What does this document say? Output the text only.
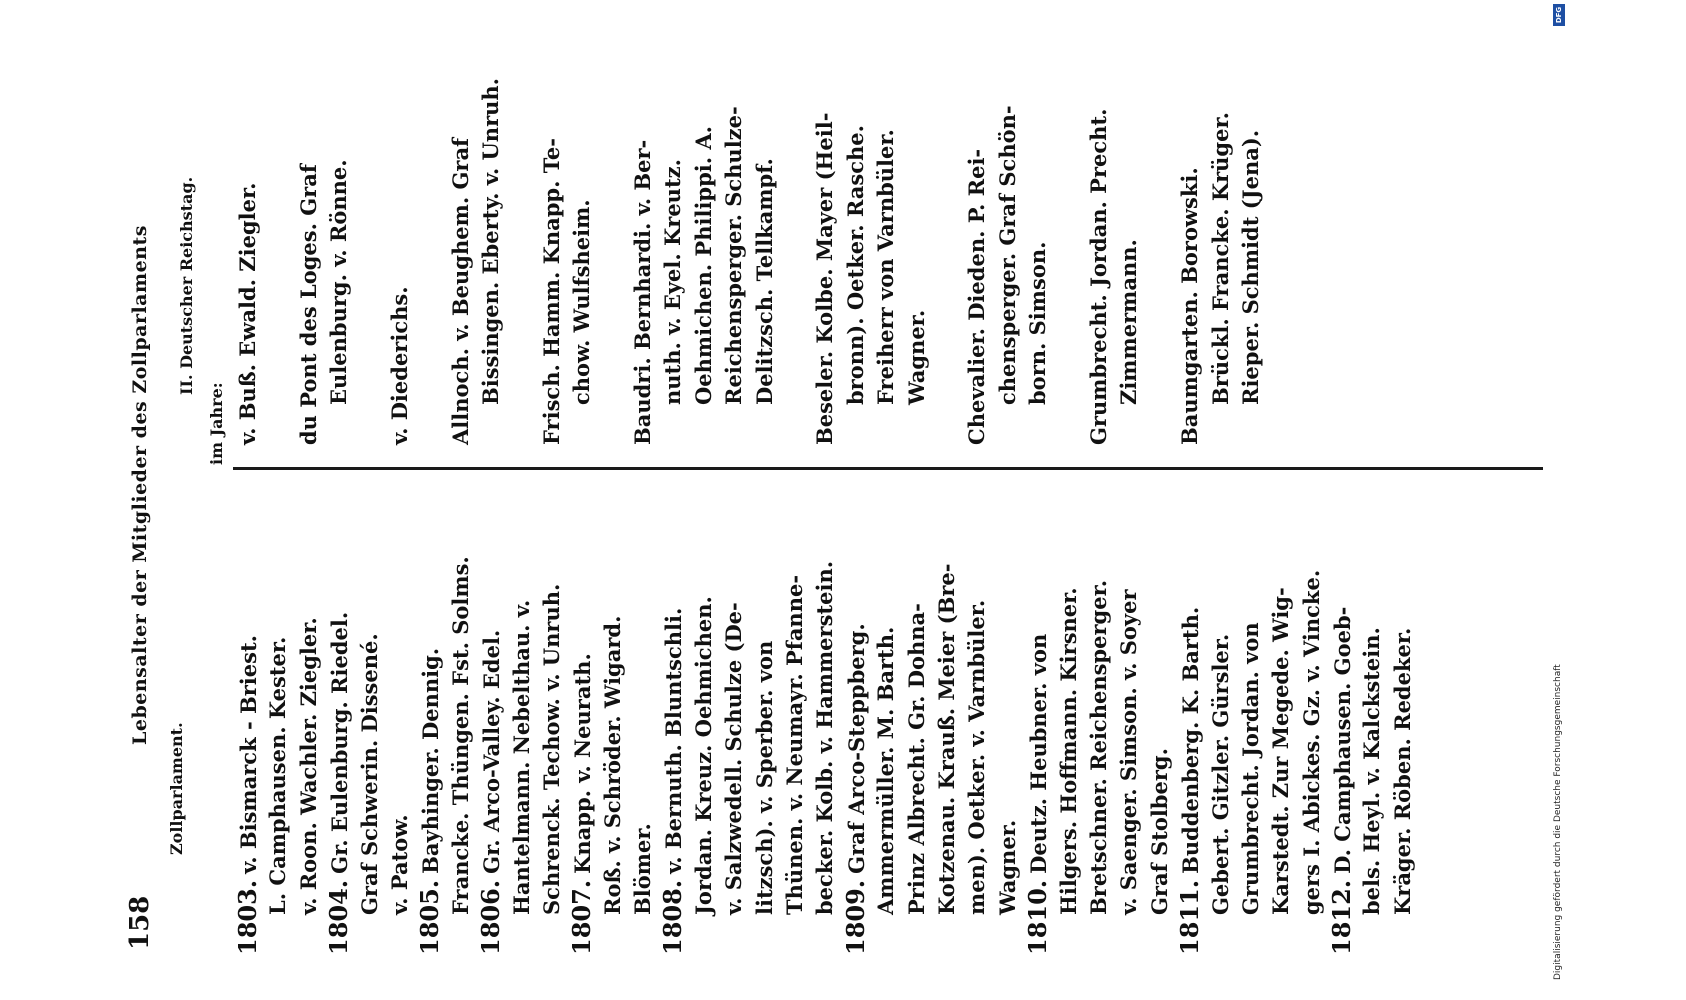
158
Lebensalter der Mitglieder des Zollparlaments
Zollparlament.
II. Deutscher Reichstag.
im Jahre:
1803.v. Bismarck - Briest. L. Camphausen. Kester. v. Roon. Wachler. Ziegler.
1804.Gr. Eulenburg. Riedel. Graf Schwerin. Dissené. v. Patow.
1805.Bayhinger. Dennig. Francke. Thüngen. Fst. Solms.
1806.Gr. Arco-Valley. Edel. Hantelmann. Nebelthau. v. Schrenck. Techow. v. Unruh.
1807.Knapp. v. Neurath. Roß. v. Schröder. Wigard. Blömer.
1808.v. Bernuth. Bluntschli. Jordan. Kreuz. Oehmichen. v. Salzwedell. Schulze (De- litzsch). v. Sperber. von Thünen. v. Neumayr. Pfanne- becker. Kolb. v. Hammerstein.
1809.Graf Arco-Steppberg. Ammermüller. M. Barth. Prinz Albrecht. Gr. Dohna- Kotzenau. Krauß. Meier (Bre- men). Oetker. v. Varnbüler. Wagner.
1810.Deutz. Heubner. von Hilgers. Hoffmann. Kirsner. Bretschner. Reichensperger. v. Saenger. Simson. v. Soyer Graf Stolberg.
1811.Buddenberg. K. Barth. Gebert. Gitzler. Gürsler. Grumbrecht. Jordan. von Karstedt. Zur Megede. Wig- gers I. Abickes. Gz. v. Vincke.
1812.D. Camphausen. Goeb- bels. Heyl. v. Kalckstein. Kräger. Röben. Redeker.
v. Buß. Ewald. Ziegler. du Pont des Loges. Graf Eulenburg. v. Rönne. v. Diederichs. Allnoch. v. Beughem. Graf Bissingen. Eberty. v. Unruh. Frisch. Hamm. Knapp. Te- chow. Wulfsheim. Baudri. Bernhardi. v. Ber- nuth. v. Eyel. Kreutz. Oehmichen. Philippi. A. Reichensperger. Schulze- Delitzsch. Tellkampf. Beseler. Kolbe. Mayer (Heil- bronn). Oetker. Rasche. Freiherr von Varnbüler. Wagner. Chevalier. Dieden. P. Rei- chensperger. Graf Schön- born. Simson. Grumbrecht. Jordan. Precht. Zimmermann. Baumgarten. Borowski. Brückl. Francke. Krüger. Rieper. Schmidt (Jena).
DFG
Digitalisierung gefördert durch die Deutsche Forschungsgemeinschaft
